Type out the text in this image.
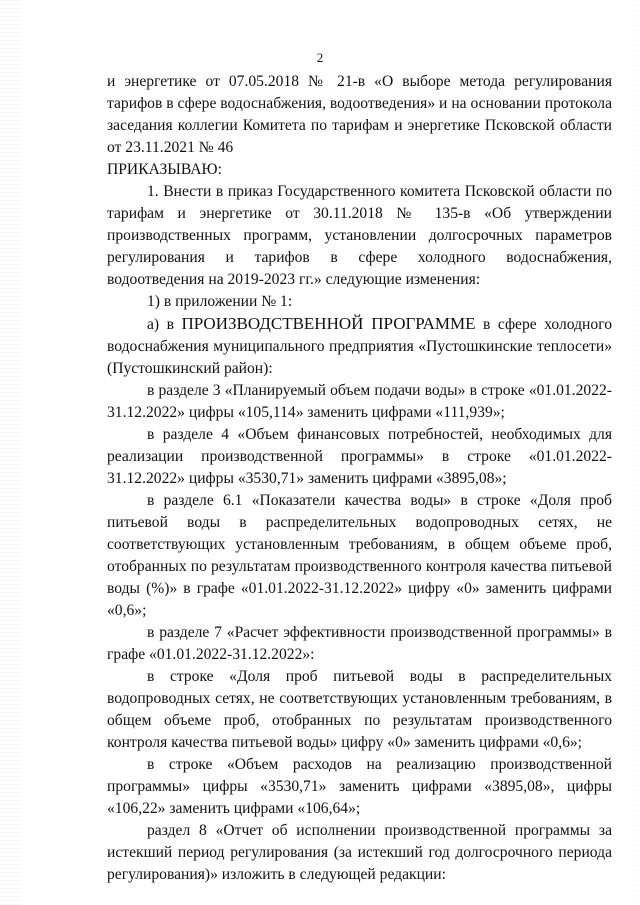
2

и энергетике от 07.05.2018 № 21-в «О выборе метода регулирования тарифов в сфере водоснабжения, водоотведения» и на основании протокола заседания коллегии Комитета по тарифам и энергетике Псковской области от 23.11.2021 № 46

ПРИКАЗЫВАЮ:

1. Внести в приказ Государственного комитета Псковской области по тарифам и энергетике от 30.11.2018 № 135-в «Об утверждении производственных программ, установлении долгосрочных параметров регулирования и тарифов в сфере холодного водоснабжения, водоотведения на 2019-2023 гг.» следующие изменения:

1) в приложении № 1:

а) в ПРОИЗВОДСТВЕННОЙ ПРОГРАММЕ в сфере холодного водоснабжения муниципального предприятия «Пустошкинские теплосети» (Пустошкинский район):

в разделе 3 «Планируемый объем подачи воды» в строке «01.01.2022-31.12.2022» цифры «105,114» заменить цифрами «111,939»;

в разделе 4 «Объем финансовых потребностей, необходимых для реализации производственной программы» в строке «01.01.2022-31.12.2022» цифры «3530,71» заменить цифрами «3895,08»;

в разделе 6.1 «Показатели качества воды» в строке «Доля проб питьевой воды в распределительных водопроводных сетях, не соответствующих установленным требованиям, в общем объеме проб, отобранных по результатам производственного контроля качества питьевой воды (%)» в графе «01.01.2022-31.12.2022» цифру «0» заменить цифрами «0,6»;

в разделе 7 «Расчет эффективности производственной программы» в графе «01.01.2022-31.12.2022»:

в строке «Доля проб питьевой воды в распределительных водопроводных сетях, не соответствующих установленным требованиям, в общем объеме проб, отобранных по результатам производственного контроля качества питьевой воды» цифру «0» заменить цифрами «0,6»;

в строке «Объем расходов на реализацию производственной программы» цифры «3530,71» заменить цифрами «3895,08», цифры «106,22» заменить цифрами «106,64»;

раздел 8 «Отчет об исполнении производственной программы за истекший период регулирования (за истекший год долгосрочного периода регулирования)» изложить в следующей редакции:
